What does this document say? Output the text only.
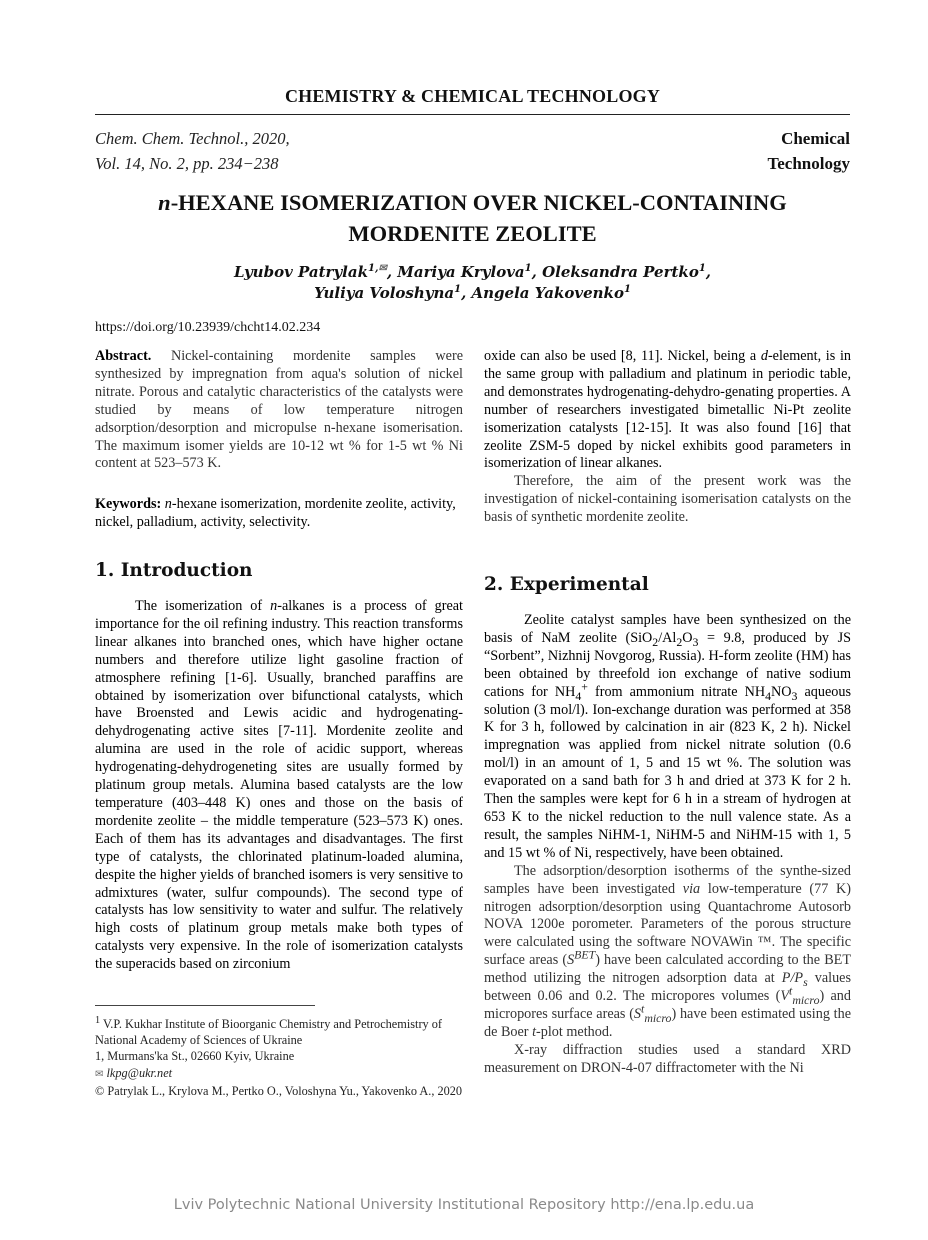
CHEMISTRY & CHEMICAL TECHNOLOGY
Chem. Chem. Technol., 2020,
Vol. 14, No. 2, pp. 234−238
Chemical
Technology
n-HEXANE ISOMERIZATION OVER NICKEL-CONTAINING
MORDENITE ZEOLITE
Lyubov Patrylak$^{1,✉}$, Mariya Krylova$^1$, Oleksandra Pertko$^1$,
Yuliya Voloshyna$^1$, Angela Yakovenko$^1$
https://doi.org/10.23939/chcht14.02.234

Abstract. Nickel-containing mordenite samples were synthesized by impregnation from aqua's solution of nickel nitrate. Porous and catalytic characteristics of the catalysts were studied by means of low temperature nitrogen adsorption/desorption and micropulse n-hexane isomerisation. The maximum isomer yields are 10-12 wt % for 1-5 wt % Ni content at 523–573 K.

Keywords: n-hexane isomerization, mordenite zeolite, activity, nickel, palladium, activity, selectivity.

1. Introduction

The isomerization of n-alkanes is a process of great importance for the oil refining industry. This reaction transforms linear alkanes into branched ones, which have higher octane numbers and therefore utilize light gasoline fraction of atmosphere refining [1-6]. Usually, branched paraffins are obtained by isomerization over bifunctional catalysts, which have Broensted and Lewis acidic and hydrogenating-dehydrogenating active sites [7-11]. Mordenite zeolite and alumina are used in the role of acidic support, whereas hydrogenating-dehydrogeneting sites are usually formed by platinum group metals. Alumina based catalysts are the low temperature (403–448 K) ones and those on the basis of mordenite zeolite – the middle temperature (523–573 K) ones. Each of them has its advantages and disadvantages. The first type of catalysts, the chlorinated platinum-loaded alumina, despite the higher yields of branched isomers is very sensitive to admixtures (water, sulfur compounds). The second type of catalysts has low sensitivity to water and sulfur. The relatively high costs of platinum group metals make both types of catalysts very expensive. In the role of isomerization catalysts the superacids based on zirconium

$^1$ V.P. Kukhar Institute of Bioorganic Chemistry and Petrochemistry of National Academy of Sciences of Ukraine
1, Murmans'ka St., 02660 Kyiv, Ukraine
✉ lkpg@ukr.net
© Patrylak L., Krylova M., Pertko O., Voloshyna Yu., Yakovenko A., 2020

oxide can also be used [8, 11]. Nickel, being a d-element, is in the same group with palladium and platinum in periodic table, and demonstrates hydrogenating-dehydro-genating properties. A number of researchers investigated bimetallic Ni-Pt zeolite isomerization catalysts [12-15]. It was also found [16] that zeolite ZSM-5 doped by nickel exhibits good parameters in isomerization of linear alkanes.

Therefore, the aim of the present work was the investigation of nickel-containing isomerisation catalysts on the basis of synthetic mordenite zeolite.

2. Experimental

Zeolite catalyst samples have been synthesized on the basis of NaM zeolite ($SiO_2/Al_2O_3 = 9.8$, produced by JS “Sorbent”, Nizhnij Novgorog, Russia). H-form zeolite (HM) has been obtained by threefold ion exchange of native sodium cations for $NH_4^+$ from ammonium nitrate $NH_4NO_3$ aqueous solution (3 mol/l). Ion-exchange duration was performed at 358 K for 3 h, followed by calcination in air (823 K, 2 h). Nickel impregnation was applied from nickel nitrate solution (0.6 mol/l) in an amount of 1, 5 and 15 wt %. The solution was evaporated on a sand bath for 3 h and dried at 373 K for 2 h. Then the samples were kept for 6 h in a stream of hydrogen at 653 K to the nickel reduction to the null valence state. As a result, the samples NiHM-1, NiHM-5 and NiHM-15 with 1, 5 and 15 wt % of Ni, respectively, have been obtained.

The adsorption/desorption isotherms of the synthe-sized samples have been investigated via low-temperature (77 K) nitrogen adsorption/desorption using Quantachrome Autosorb NOVA 1200e porometer. Parameters of the porous structure were calculated using the software NOVAWin ™. The specific surface areas $(S^{BET})$ have been calculated according to the BET method utilizing the nitrogen adsorption data at $P/P_s$ values between 0.06 and 0.2. The micropores volumes $(V^t_{micro})$ and micropores surface areas $(S^t_{micro})$ have been estimated using the de Boer t-plot method.

X-ray diffraction studies used a standard XRD measurement on DRON-4-07 diffractometer with the Ni

Lviv Polytechnic National University Institutional Repository http://ena.lp.edu.ua
